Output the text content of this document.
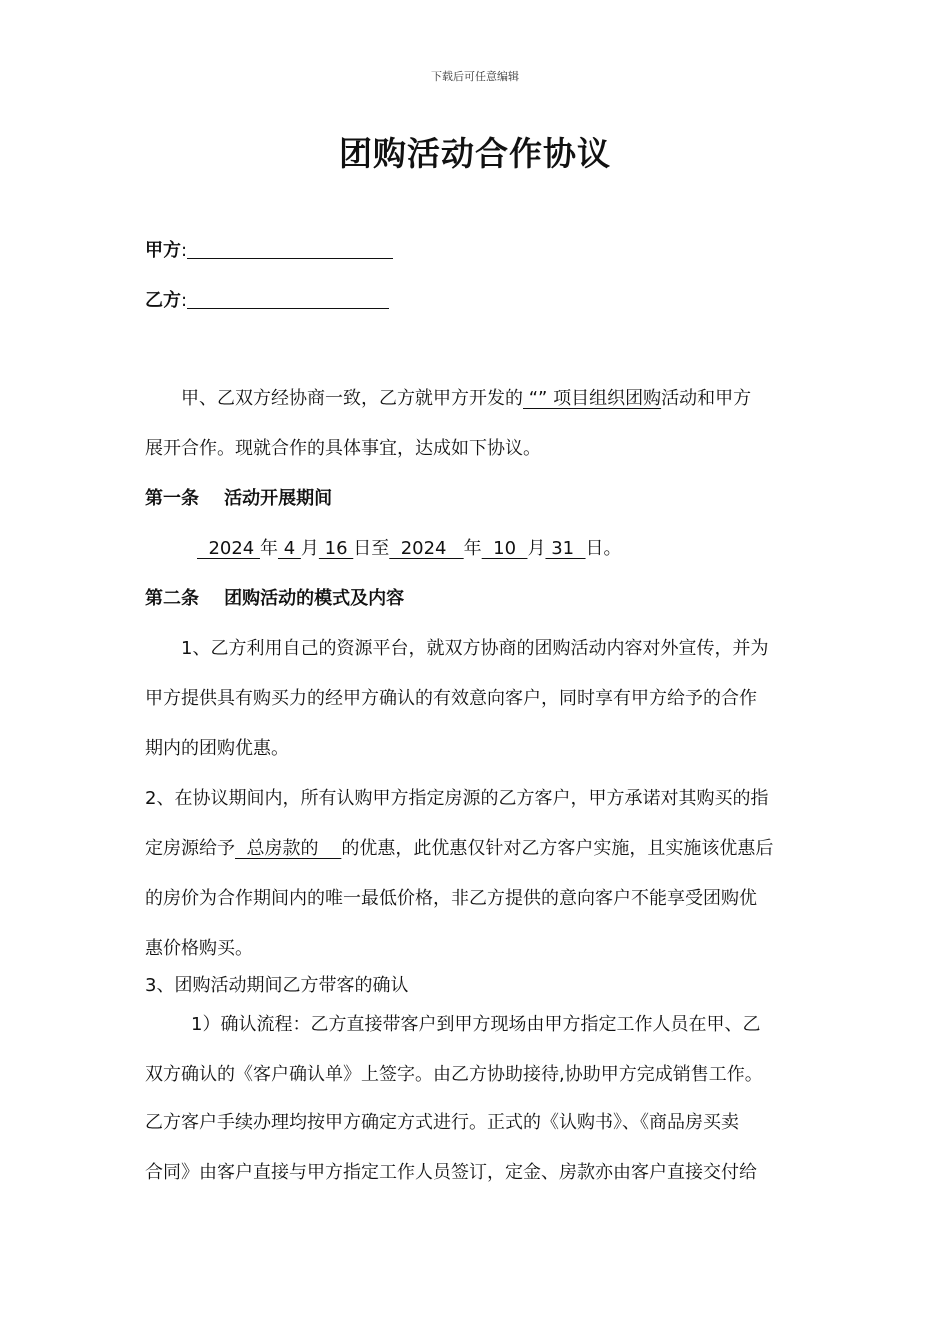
下载后可任意编辑
团购活动合作协议
甲方:
乙方:
甲、乙双方经协商一致，乙方就甲方开发的 “” 项目组织团购活动和甲方
展开合作。现就合作的具体事宜，达成如下协议。
第一条    活动开展期间
2024 年 4 月 16 日至  2024   年  10  月 31  日。
第二条    团购活动的模式及内容
1、乙方利用自己的资源平台，就双方协商的团购活动内容对外宣传，并为
甲方提供具有购买力的经甲方确认的有效意向客户，同时享有甲方给予的合作
期内的团购优惠。
2、在协议期间内，所有认购甲方指定房源的乙方客户，甲方承诺对其购买的指
定房源给予  总房款的    的优惠，此优惠仅针对乙方客户实施，且实施该优惠后
的房价为合作期间内的唯一最低价格，非乙方提供的意向客户不能享受团购优
惠价格购买。
3、团购活动期间乙方带客的确认
1）确认流程：乙方直接带客户到甲方现场由甲方指定工作人员在甲、乙
双方确认的《客户确认单》上签字。由乙方协助接待,协助甲方完成销售工作。
乙方客户手续办理均按甲方确定方式进行。正式的《认购书》、《商品房买卖
合同》由客户直接与甲方指定工作人员签订，定金、房款亦由客户直接交付给
